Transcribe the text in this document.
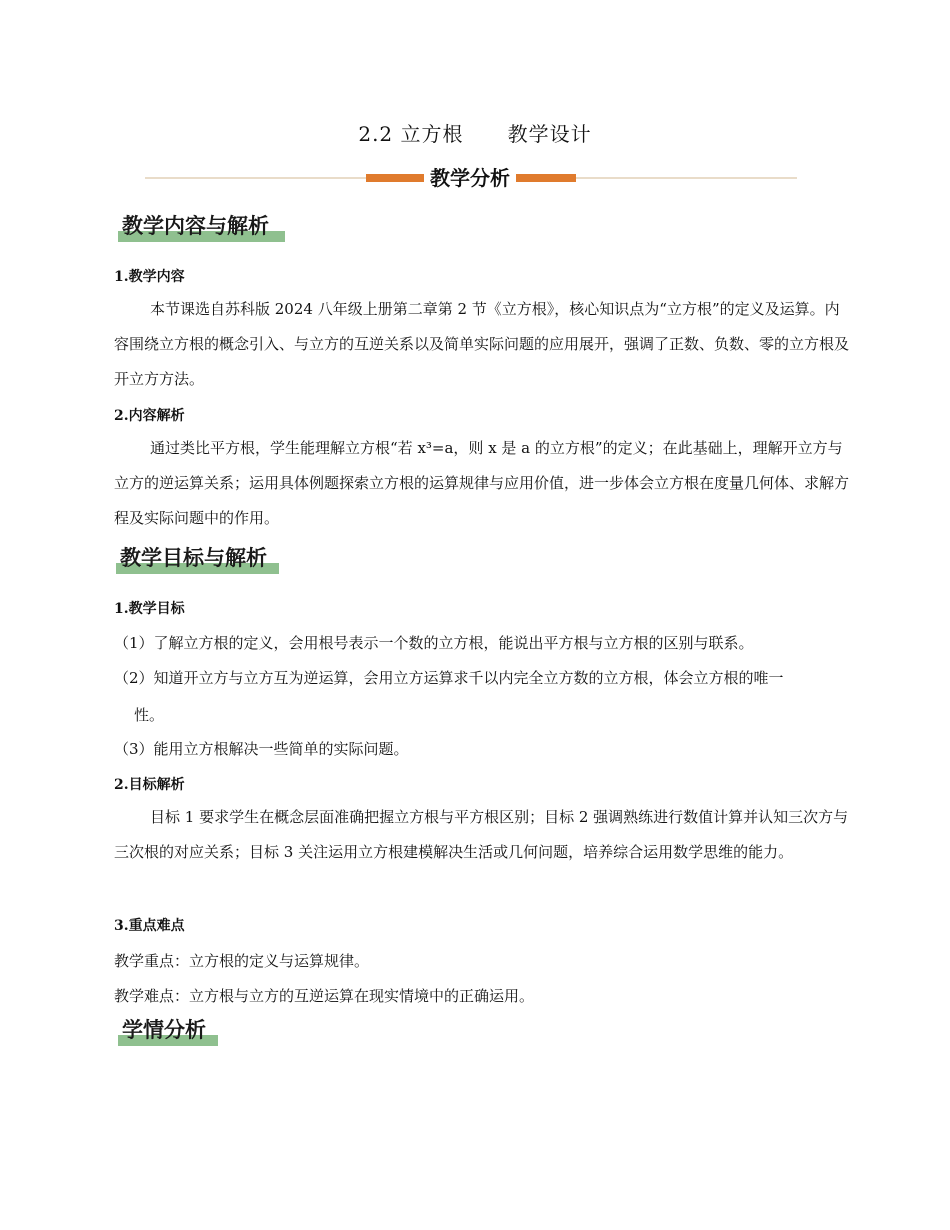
2.2 立方根      教学设计
教学分析
教学内容与解析
1.教学内容
本节课选自苏科版 2024 八年级上册第二章第 2 节《立方根》，核心知识点为“立方根”的定义及运算。内容围绕立方根的概念引入、与立方的互逆关系以及简单实际问题的应用展开，强调了正数、负数、零的立方根及开立方方法。
2.内容解析
通过类比平方根，学生能理解立方根“若 x³=a，则 x 是 a 的立方根”的定义；在此基础上，理解开立方与立方的逆运算关系；运用具体例题探索立方根的运算规律与应用价值，进一步体会立方根在度量几何体、求解方程及实际问题中的作用。
教学目标与解析
1.教学目标
（1）了解立方根的定义，会用根号表示一个数的立方根，能说出平方根与立方根的区别与联系。
（2）知道开立方与立方互为逆运算，会用立方运算求千以内完全立方数的立方根，体会立方根的唯一
性。
（3）能用立方根解决一些简单的实际问题。
2.目标解析
目标 1 要求学生在概念层面准确把握立方根与平方根区别；目标 2 强调熟练进行数值计算并认知三次方与三次根的对应关系；目标 3 关注运用立方根建模解决生活或几何问题，培养综合运用数学思维的能力。
3.重点难点
教学重点：立方根的定义与运算规律。
教学难点：立方根与立方的互逆运算在现实情境中的正确运用。
学情分析
